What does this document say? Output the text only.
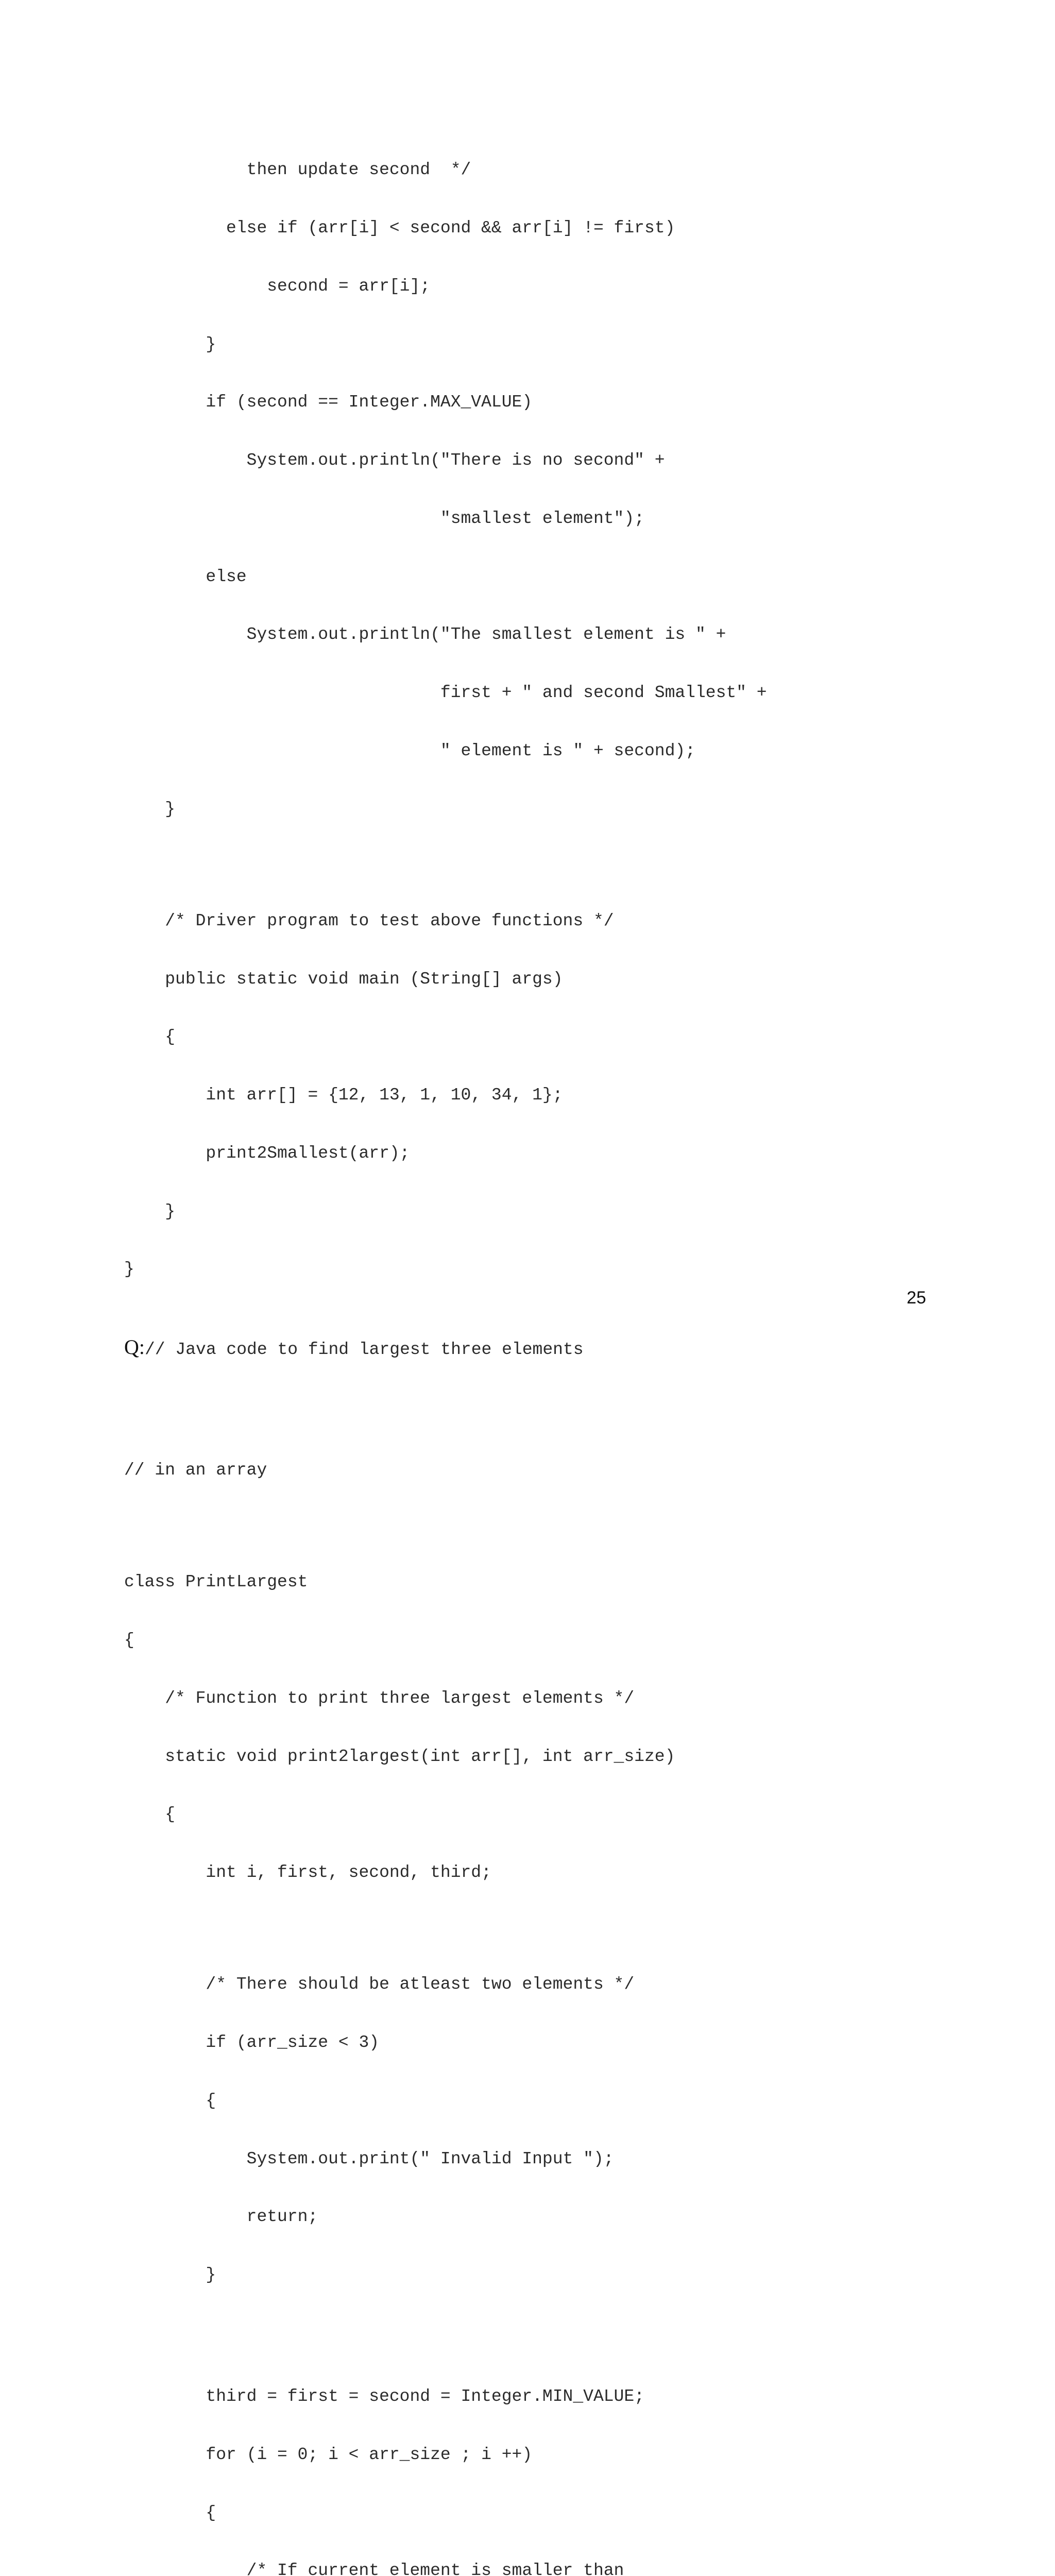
then update second  */

else if (arr[i] < second && arr[i] != first)

second = arr[i];

}

if (second == Integer.MAX_VALUE)

System.out.println("There is no second" +

"smallest element");

else

System.out.println("The smallest element is " +

first + " and second Smallest" +

" element is " + second);

}

/* Driver program to test above functions */

public static void main (String[] args)

{

int arr[] = {12, 13, 1, 10, 34, 1};

print2Smallest(arr);

}

}

Q:// Java code to find largest three elements

// in an array

class PrintLargest

{

/* Function to print three largest elements */

static void print2largest(int arr[], int arr_size)

{

int i, first, second, third;

/* There should be atleast two elements */

if (arr_size < 3)

{

System.out.print(" Invalid Input ");

return;

}

third = first = second = Integer.MIN_VALUE;

for (i = 0; i < arr_size ; i ++)

{

/* If current element is smaller than

25
